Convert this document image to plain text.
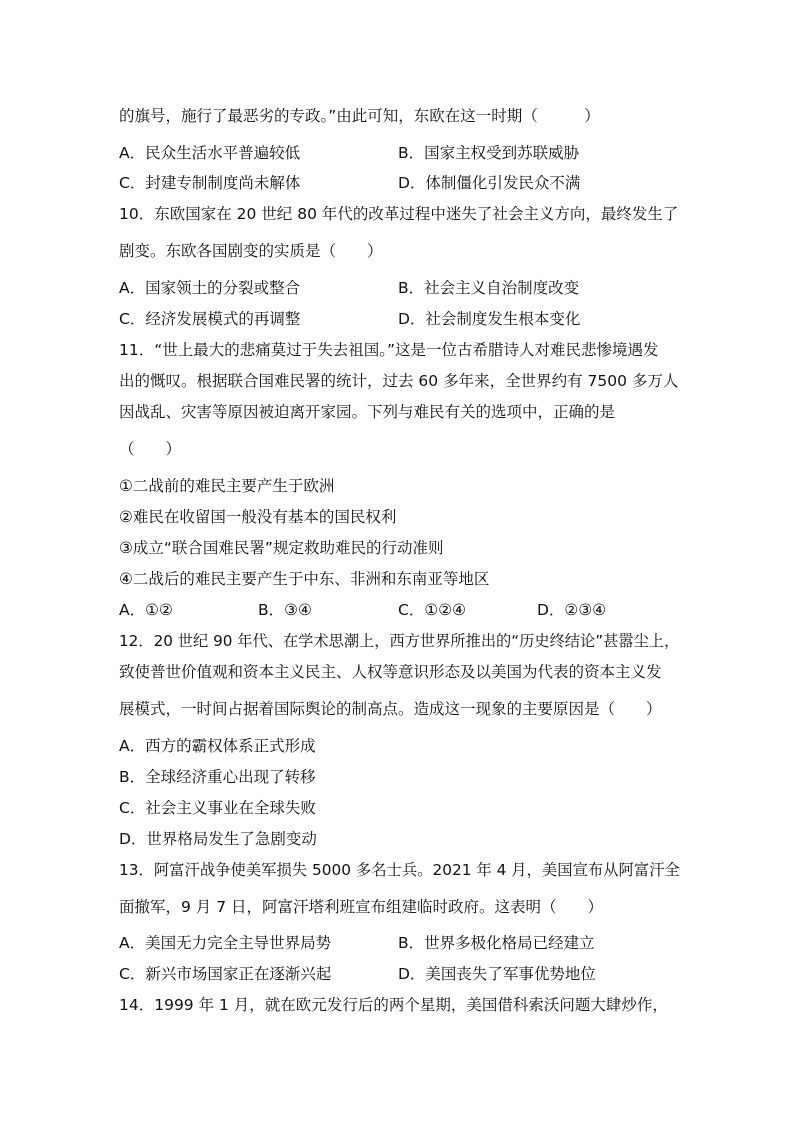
的旗号，施行了最恶劣的专政。”由此可知，东欧在这一时期（　　　）
A．民众生活水平普遍较低	B．国家主权受到苏联威胁
C．封建专制制度尚未解体	D．体制僵化引发民众不满
10．东欧国家在 20 世纪 80 年代的改革过程中迷失了社会主义方向，最终发生了
剧变。东欧各国剧变的实质是（　　）
A．国家领土的分裂或整合	B．社会主义自治制度改变
C．经济发展模式的再调整	D．社会制度发生根本变化
11．“世上最大的悲痛莫过于失去祖国。”这是一位古希腊诗人对难民悲惨境遇发
出的慨叹。根据联合国难民署的统计，过去 60 多年来，全世界约有 7500 多万人
因战乱、灾害等原因被迫离开家园。下列与难民有关的选项中，正确的是
（　　）
①二战前的难民主要产生于欧洲
②难民在收留国一般没有基本的国民权利
③成立“联合国难民署”规定救助难民的行动准则
④二战后的难民主要产生于中东、非洲和东南亚等地区
A．①②	B．③④	C．①②④	D．②③④
12．20 世纪 90 年代、在学术思潮上，西方世界所推出的“历史终结论”甚嚣尘上，
致使普世价值观和资本主义民主、人权等意识形态及以美国为代表的资本主义发
展模式，一时间占据着国际舆论的制高点。造成这一现象的主要原因是（　　）
A．西方的霸权体系正式形成
B．全球经济重心出现了转移
C．社会主义事业在全球失败
D．世界格局发生了急剧变动
13．阿富汗战争使美军损失 5000 多名士兵。2021 年 4 月，美国宣布从阿富汗全
面撤军，9 月 7 日，阿富汗塔利班宣布组建临时政府。这表明（　　）
A．美国无力完全主导世界局势	B．世界多极化格局已经建立
C．新兴市场国家正在逐渐兴起	D．美国丧失了军事优势地位
14．1999 年 1 月，就在欧元发行后的两个星期，美国借科索沃问题大肆炒作，
